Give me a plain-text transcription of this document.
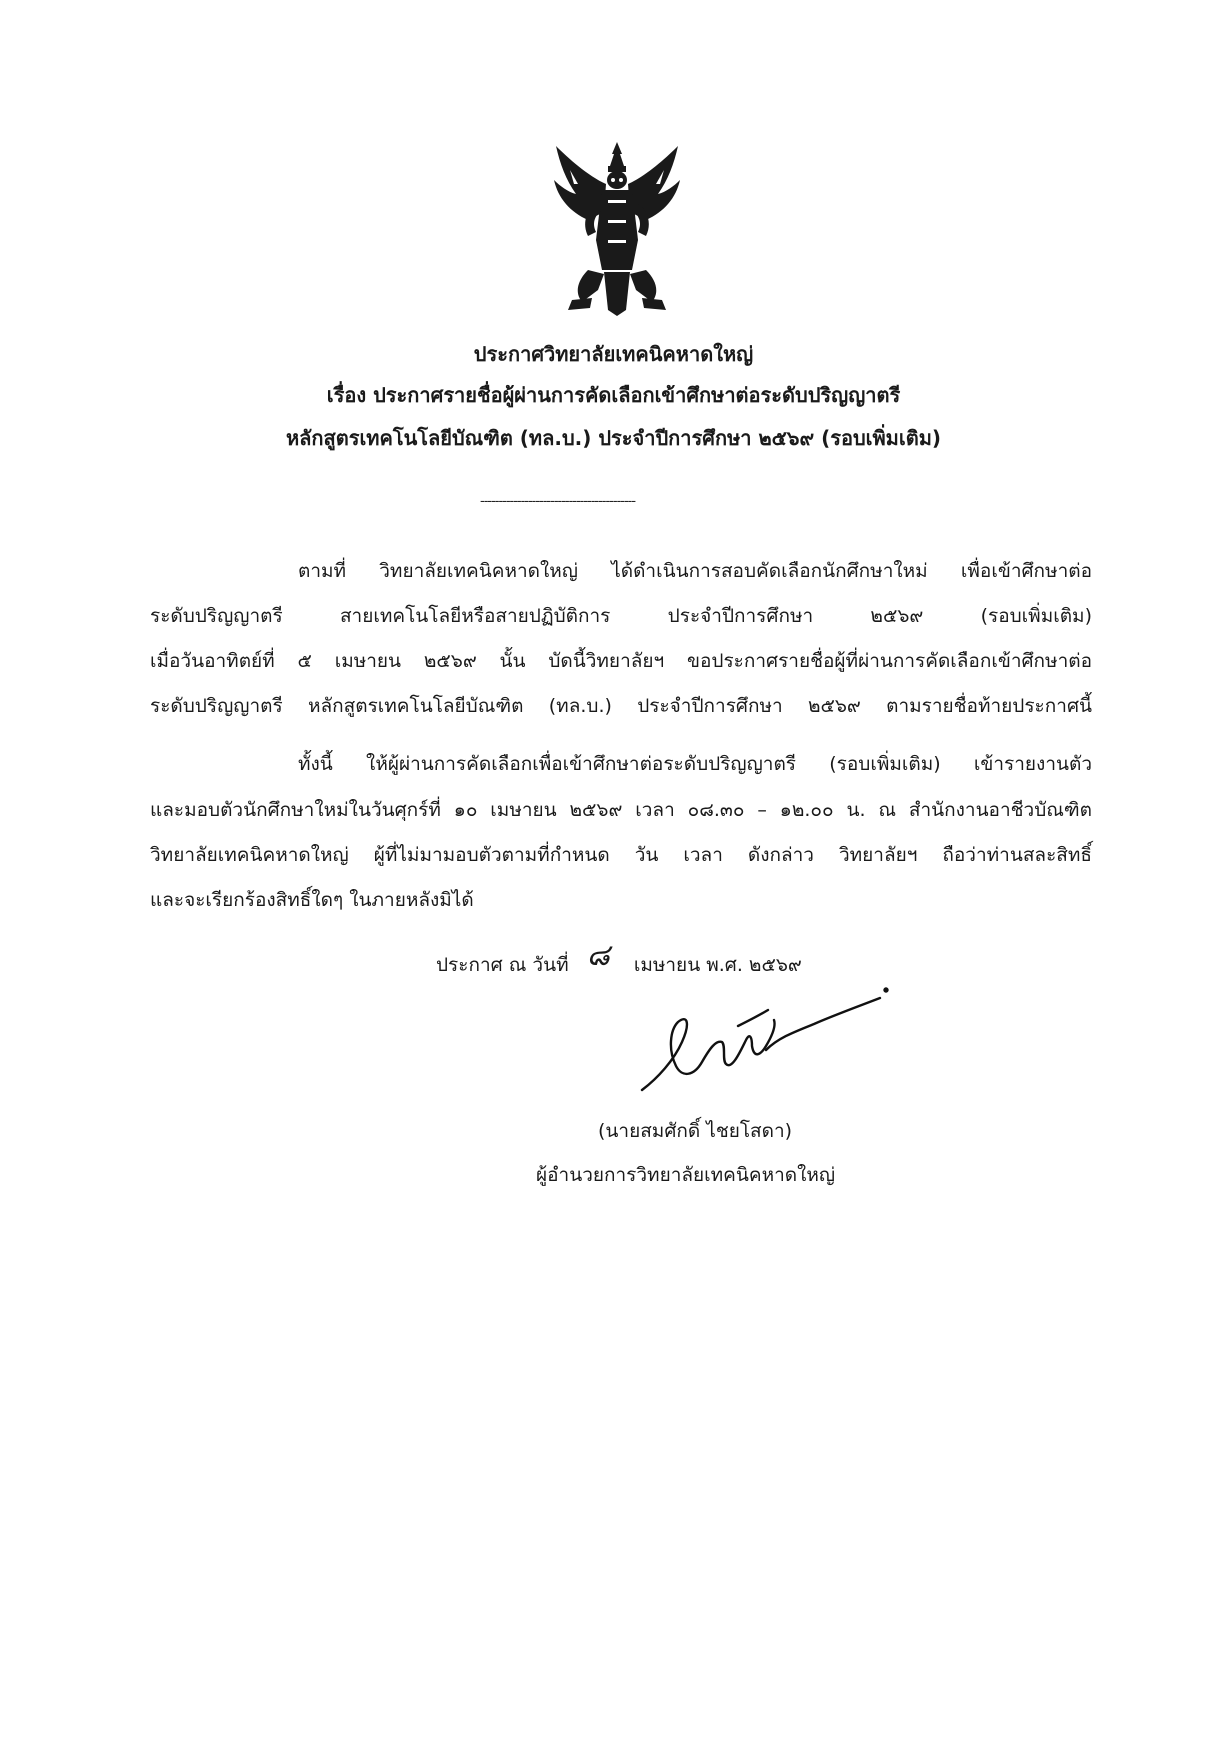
ประกาศวิทยาลัยเทคนิคหาดใหญ่
เรื่อง ประกาศรายชื่อผู้ผ่านการคัดเลือกเข้าศึกษาต่อระดับปริญญาตรี
หลักสูตรเทคโนโลยีบัณฑิต (ทล.บ.) ประจำปีการศึกษา ๒๕๖๙ (รอบเพิ่มเติม)
------------------------------------------
ตามที่ วิทยาลัยเทคนิคหาดใหญ่ ได้ดำเนินการสอบคัดเลือกนักศึกษาใหม่ เพื่อเข้าศึกษาต่อ
ระดับปริญญาตรี สายเทคโนโลยีหรือสายปฏิบัติการ ประจำปีการศึกษา ๒๕๖๙ (รอบเพิ่มเติม)
เมื่อวันอาทิตย์ที่ ๕ เมษายน ๒๕๖๙ นั้น บัดนี้วิทยาลัยฯ ขอประกาศรายชื่อผู้ที่ผ่านการคัดเลือกเข้าศึกษาต่อ
ระดับปริญญาตรี หลักสูตรเทคโนโลยีบัณฑิต (ทล.บ.) ประจำปีการศึกษา ๒๕๖๙ ตามรายชื่อท้ายประกาศนี้
ทั้งนี้ ให้ผู้ผ่านการคัดเลือกเพื่อเข้าศึกษาต่อระดับปริญญาตรี (รอบเพิ่มเติม) เข้ารายงานตัว
และมอบตัวนักศึกษาใหม่ในวันศุกร์ที่ ๑๐ เมษายน ๒๕๖๙ เวลา ๐๘.๓๐ – ๑๒.๐๐ น. ณ สำนักงานอาชีวบัณฑิต
วิทยาลัยเทคนิคหาดใหญ่ ผู้ที่ไม่มามอบตัวตามที่กำหนด วัน เวลา ดังกล่าว วิทยาลัยฯ ถือว่าท่านสละสิทธิ์
และจะเรียกร้องสิทธิ์ใดๆ ในภายหลังมิได้
ประกาศ ณ วันที่ ๘ เมษายน พ.ศ. ๒๕๖๙
(นายสมศักดิ์ ไชยโสดา)
ผู้อำนวยการวิทยาลัยเทคนิคหาดใหญ่
